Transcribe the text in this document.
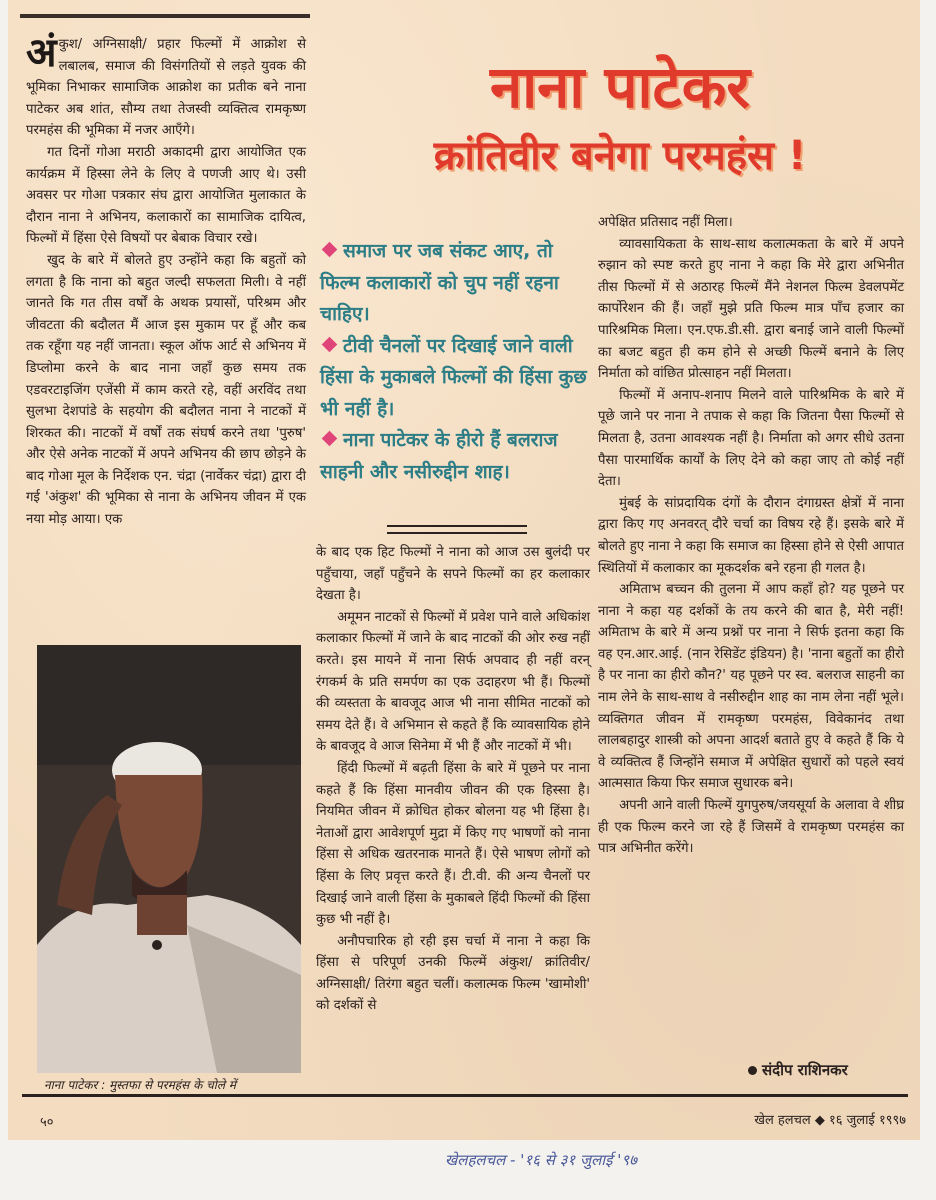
अंकुश/ अग्निसाक्षी/ प्रहार फिल्मों में आक्रोश से लबालब, समाज की विसंगतियों से लड़ते युवक की भूमिका निभाकर सामाजिक आक्रोश का प्रतीक बने नाना पाटेकर अब शांत, सौम्य तथा तेजस्वी व्यक्तित्व रामकृष्ण परमहंस की भूमिका में नजर आएँगे।

गत दिनों गोआ मराठी अकादमी द्वारा आयोजित एक कार्यक्रम में हिस्सा लेने के लिए वे पणजी आए थे। उसी अवसर पर गोआ पत्रकार संघ द्वारा आयोजित मुलाकात के दौरान नाना ने अभिनय, कलाकारों का सामाजिक दायित्व, फिल्मों में हिंसा ऐसे विषयों पर बेबाक विचार रखे।

खुद के बारे में बोलते हुए उन्होंने कहा कि बहुतों को लगता है कि नाना को बहुत जल्दी सफलता मिली। वे नहीं जानते कि गत तीस वर्षों के अथक प्रयासों, परिश्रम और जीवटता की बदौलत मैं आज इस मुकाम पर हूँ और कब तक रहूँगा यह नहीं जानता। स्कूल ऑफ आर्ट से अभिनय में डिप्लोमा करने के बाद नाना जहाँ कुछ समय तक एडवरटाइजिंग एजेंसी में काम करते रहे, वहीं अरविंद तथा सुलभा देशपांडे के सहयोग की बदौलत नाना ने नाटकों में शिरकत की। नाटकों में वर्षों तक संघर्ष करने तथा 'पुरुष' और ऐसे अनेक नाटकों में अपने अभिनय की छाप छोड़ने के बाद गोआ मूल के निर्देशक एन. चंद्रा (नार्वेकर चंद्रा) द्वारा दी गई 'अंकुश' की भूमिका से नाना के अभिनय जीवन में एक नया मोड़ आया। एक

नाना पाटेकर
क्रांतिवीर बनेगा परमहंस !
समाज पर जब संकट आए, तो फिल्म कलाकारों को चुप नहीं रहना चाहिए।
टीवी चैनलों पर दिखाई जाने वाली हिंसा के मुकाबले फिल्मों की हिंसा कुछ भी नहीं है।
नाना पाटेकर के हीरो हैं बलराज साहनी और नसीरुद्दीन शाह।

के बाद एक हिट फिल्मों ने नाना को आज उस बुलंदी पर पहुँचाया, जहाँ पहुँचने के सपने फिल्मों का हर कलाकार देखता है।

अमूमन नाटकों से फिल्मों में प्रवेश पाने वाले अधिकांश कलाकार फिल्मों में जाने के बाद नाटकों की ओर रुख नहीं करते। इस मायने में नाना सिर्फ अपवाद ही नहीं वरन् रंगकर्म के प्रति समर्पण का एक उदाहरण भी हैं। फिल्मों की व्यस्तता के बावजूद आज भी नाना सीमित नाटकों को समय देते हैं। वे अभिमान से कहते हैं कि व्यावसायिक होने के बावजूद वे आज सिनेमा में भी हैं और नाटकों में भी।

हिंदी फिल्मों में बढ़ती हिंसा के बारे में पूछने पर नाना कहते हैं कि हिंसा मानवीय जीवन की एक हिस्सा है। नियमित जीवन में क्रोधित होकर बोलना यह भी हिंसा है। नेताओं द्वारा आवेशपूर्ण मुद्रा में किए गए भाषणों को नाना हिंसा से अधिक खतरनाक मानते हैं। ऐसे भाषण लोगों को हिंसा के लिए प्रवृत्त करते हैं। टी.वी. की अन्य चैनलों पर दिखाई जाने वाली हिंसा के मुकाबले हिंदी फिल्मों की हिंसा कुछ भी नहीं है।

अनौपचारिक हो रही इस चर्चा में नाना ने कहा कि हिंसा से परिपूर्ण उनकी फिल्में अंकुश/ क्रांतिवीर/ अग्निसाक्षी/ तिरंगा बहुत चलीं। कलात्मक फिल्म 'खामोशी' को दर्शकों से

अपेक्षित प्रतिसाद नहीं मिला।

व्यावसायिकता के साथ-साथ कलात्मकता के बारे में अपने रुझान को स्पष्ट करते हुए नाना ने कहा कि मेरे द्वारा अभिनीत तीस फिल्मों में से अठारह फिल्में मैंने नेशनल फिल्म डेवलपमेंट कार्पोरेशन की हैं। जहाँ मुझे प्रति फिल्म मात्र पाँच हजार का पारिश्रमिक मिला। एन.एफ.डी.सी. द्वारा बनाई जाने वाली फिल्मों का बजट बहुत ही कम होने से अच्छी फिल्में बनाने के लिए निर्माता को वांछित प्रोत्साहन नहीं मिलता।

फिल्मों में अनाप-शनाप मिलने वाले पारिश्रमिक के बारे में पूछे जाने पर नाना ने तपाक से कहा कि जितना पैसा फिल्मों से मिलता है, उतना आवश्यक नहीं है। निर्माता को अगर सीधे उतना पैसा पारमार्थिक कार्यों के लिए देने को कहा जाए तो कोई नहीं देता।

मुंबई के सांप्रदायिक दंगों के दौरान दंगाग्रस्त क्षेत्रों में नाना द्वारा किए गए अनवरत् दौरे चर्चा का विषय रहे हैं। इसके बारे में बोलते हुए नाना ने कहा कि समाज का हिस्सा होने से ऐसी आपात स्थितियों में कलाकार का मूकदर्शक बने रहना ही गलत है।

अमिताभ बच्चन की तुलना में आप कहाँ हो? यह पूछने पर नाना ने कहा यह दर्शकों के तय करने की बात है, मेरी नहीं! अमिताभ के बारे में अन्य प्रश्नों पर नाना ने सिर्फ इतना कहा कि वह एन.आर.आई. (नान रेसिडेंट इंडियन) है। 'नाना बहुतों का हीरो है पर नाना का हीरो कौन?' यह पूछने पर स्व. बलराज साहनी का नाम लेने के साथ-साथ वे नसीरुद्दीन शाह का नाम लेना नहीं भूले। व्यक्तिगत जीवन में रामकृष्ण परमहंस, विवेकानंद तथा लालबहादुर शास्त्री को अपना आदर्श बताते हुए वे कहते हैं कि ये वे व्यक्तित्व हैं जिन्होंने समाज में अपेक्षित सुधारों को पहले स्वयं आत्मसात किया फिर समाज सुधारक बने।

अपनी आने वाली फिल्में युगपुरुष/जयसूर्या के अलावा वे शीघ्र ही एक फिल्म करने जा रहे हैं जिसमें वे रामकृष्ण परमहंस का पात्र अभिनीत करेंगे।

नाना पाटेकर : मुस्तफा से परमहंस के चोले में
संदीप राशिनकर
५०	खेल हलचल ◆ १६ जुलाई १९९७
खेलहलचल - '१६ से ३१ जुलाई '९७
